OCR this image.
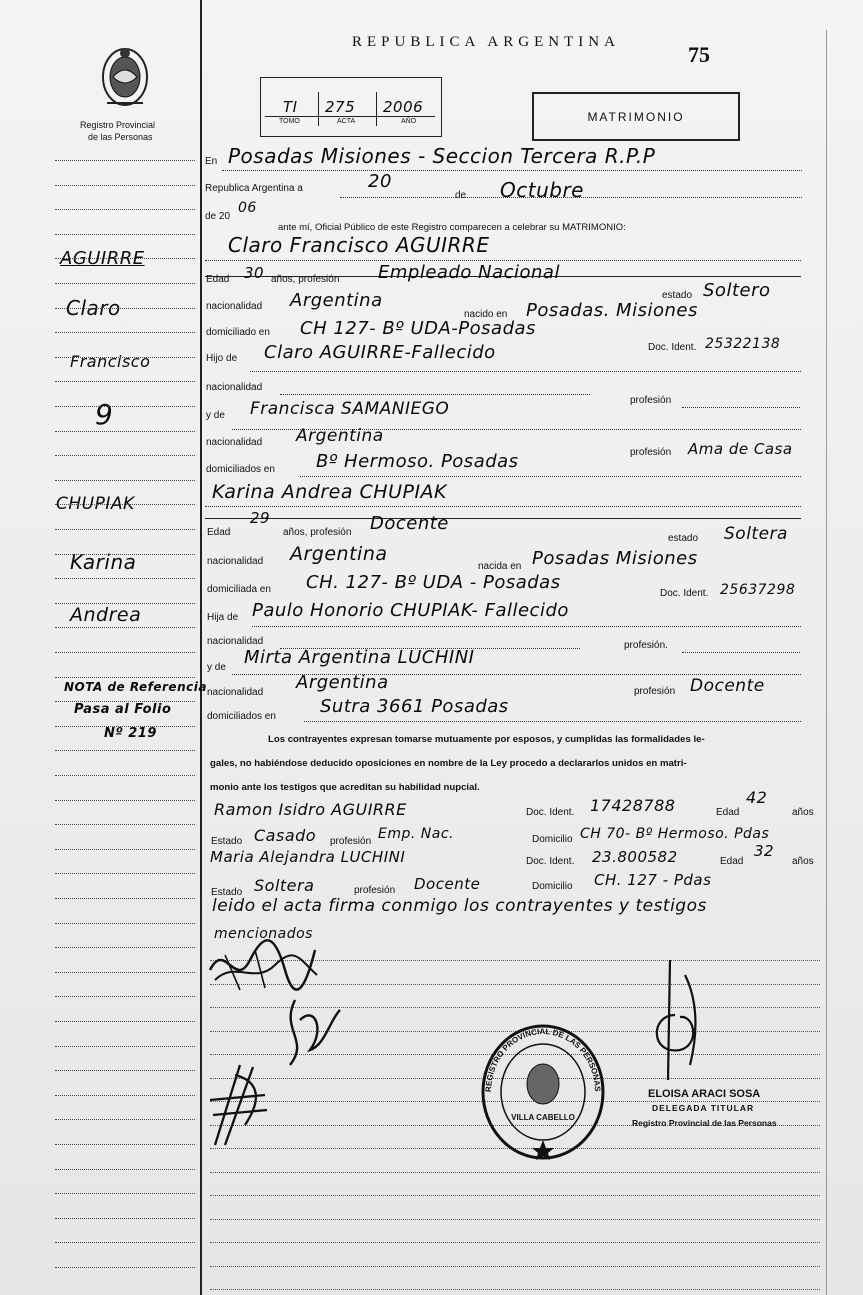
Registro Provincial
de las Personas
REPUBLICA ARGENTINA	75
TI 275 2006
TOMO	ACTA	AÑO	MATRIMONIO
En Posadas Misiones - Seccion Tercera R.P.P
Republica Argentina a	20
de Octubre
de 20
06
ante mí, Oficial Público de este Registro comparecen a celebrar su MATRIMONIO:
Claro Francisco AGUIRRE
Edad 30 años, profesión Empleado Nacional
estado Soltero
nacionalidad Argentina
nacido en Posadas. Misiones
domiciliado en CH 127- Bº UDA-Posadas
Doc. Ident. 25322138
Hijo de Claro AGUIRRE-Fallecido
nacionalidad
profesión
y de Francisca SAMANIEGO
nacionalidad Argentina
profesión Ama de Casa
domiciliados en Bº Hermoso. Posadas
Karina Andrea CHUPIAK
Edad
29
años, profesión Docente
estado Soltera
nacionalidad Argentina
nacida en Posadas Misiones
domiciliada en CH. 127- Bº UDA - Posadas
Doc. Ident. 25637298
Hija de Paulo Honorio CHUPIAK- Fallecido
nacionalidad	profesión.
y de Mirta Argentina LUCHINI
nacionalidad Argentina	profesión Docente
domiciliados en Sutra 3661 Posadas
Los contrayentes expresan tomarse mutuamente por esposos, y cumplidas las formalidades le-
gales, no habiéndose deducido oposiciones en nombre de la Ley procedo a declararlos unidos en matri-
monio ante los testigos que acreditan su habilidad nupcial.
Ramon Isidro AGUIRRE	Doc. Ident. 17428788	Edad
42
años
Estado Casado profesión Emp. Nac.	Domicilio CH 70- Bº Hermoso. Pdas
Maria Alejandra LUCHINI	Doc. Ident. 23.800582	Edad
32
años
Estado Soltera	profesión Docente	Domicilio CH. 127 - Pdas
leido el acta firma conmigo los contrayentes y testigos
mencionados
AGUIRRE
Claro
Francisco
9
CHUPIAK
Karina
Andrea
NOTA de Referencia
Pasa al Folio
Nº 219
REGISTRO PROVINCIAL DE LAS PERSONAS
VILLA CABELLO
ELOISA ARACI SOSA
DELEGADA TITULAR
Registro Provincial de las Personas
